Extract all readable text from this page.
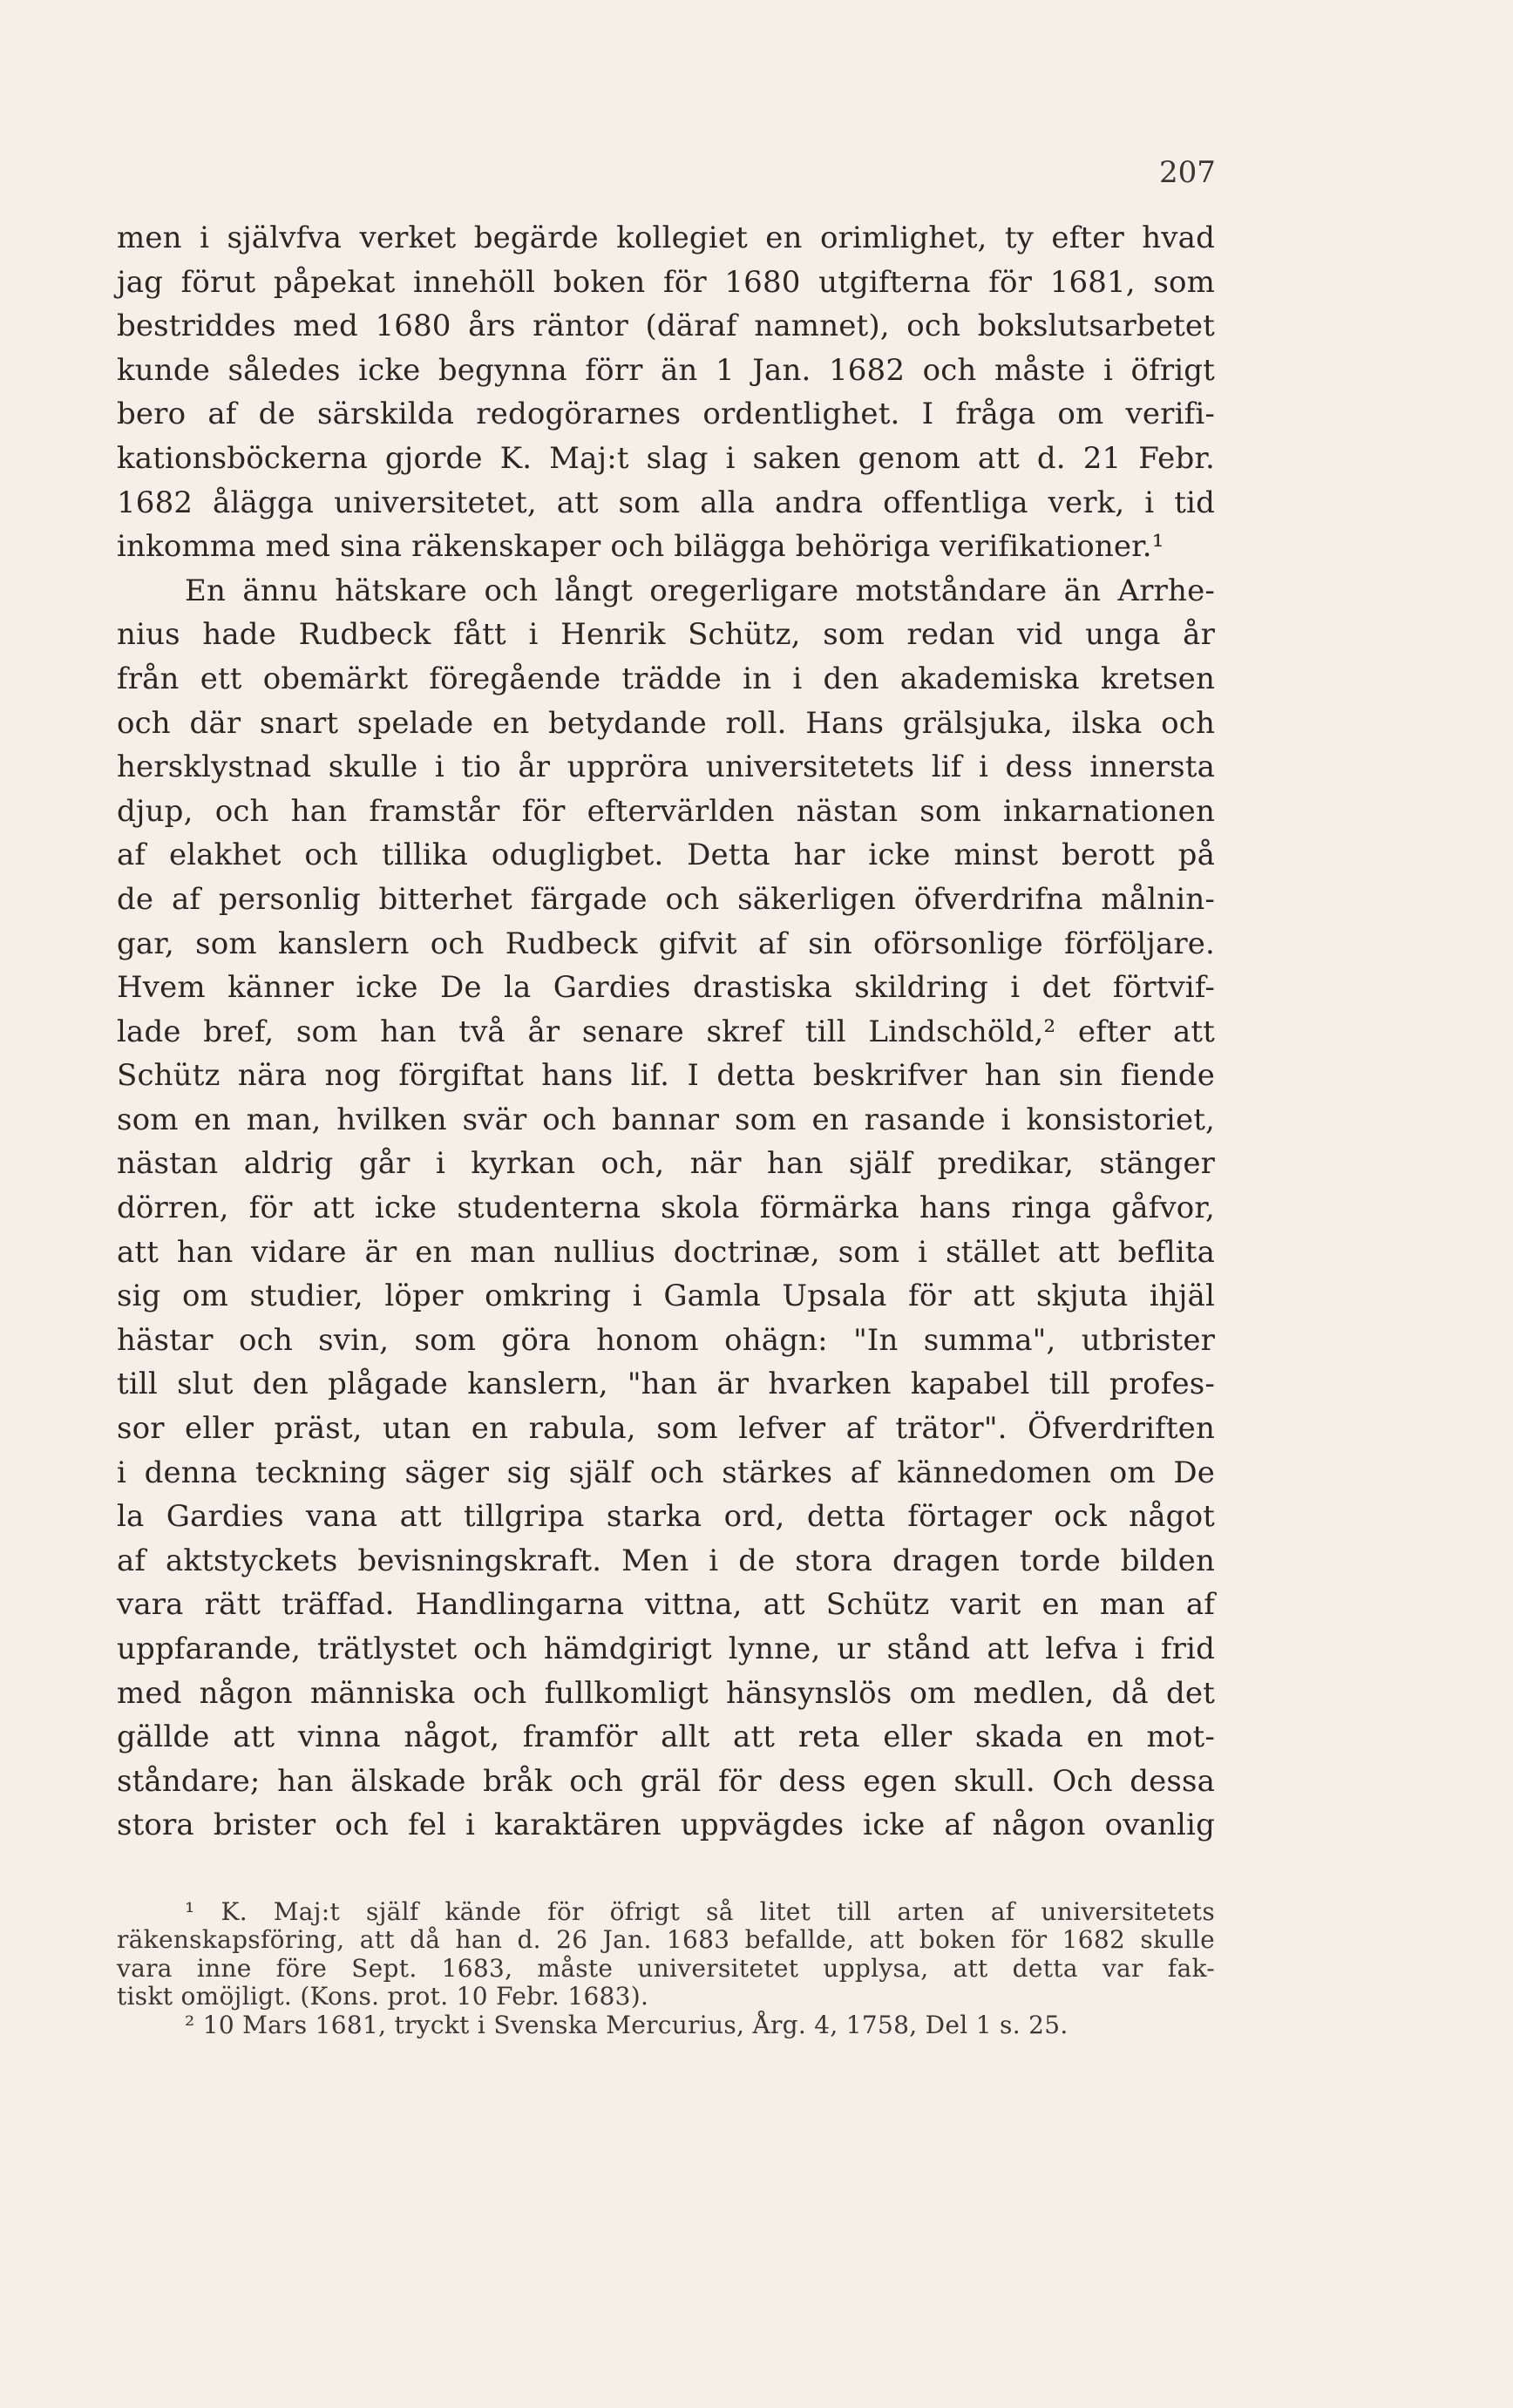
207
men i självfva verket begärde kollegiet en orimlighet, ty efter hvad
jag förut påpekat innehöll boken för 1680 utgifterna för 1681, som
bestriddes med 1680 års räntor (däraf namnet), och bokslutsarbetet
kunde således icke begynna förr än 1 Jan. 1682 och måste i öfrigt
bero af de särskilda redogörarnes ordentlighet. I fråga om verifi-
kationsböckerna gjorde K. Maj:t slag i saken genom att d. 21 Febr.
1682 ålägga universitetet, att som alla andra offentliga verk, i tid
inkomma med sina räkenskaper och bilägga behöriga verifikationer.¹
En ännu hätskare och långt oregerligare motståndare än Arrhe-
nius hade Rudbeck fått i Henrik Schütz, som redan vid unga år
från ett obemärkt föregående trädde in i den akademiska kretsen
och där snart spelade en betydande roll. Hans grälsjuka, ilska och
hersklystnad skulle i tio år uppröra universitetets lif i dess innersta
djup, och han framstår för eftervärlden nästan som inkarnationen
af elakhet och tillika odugligbet. Detta har icke minst berott på
de af personlig bitterhet färgade och säkerligen öfverdrifna målnin-
gar, som kanslern och Rudbeck gifvit af sin oförsonlige förföljare.
Hvem känner icke De la Gardies drastiska skildring i det förtvif-
lade bref, som han två år senare skref till Lindschöld,² efter att
Schütz nära nog förgiftat hans lif. I detta beskrifver han sin fiende
som en man, hvilken svär och bannar som en rasande i konsistoriet,
nästan aldrig går i kyrkan och, när han själf predikar, stänger
dörren, för att icke studenterna skola förmärka hans ringa gåfvor,
att han vidare är en man nullius doctrinæ, som i stället att beflita
sig om studier, löper omkring i Gamla Upsala för att skjuta ihjäl
hästar och svin, som göra honom ohägn: "In summa", utbrister
till slut den plågade kanslern, "han är hvarken kapabel till profes-
sor eller präst, utan en rabula, som lefver af trätor". Öfverdriften
i denna teckning säger sig själf och stärkes af kännedomen om De
la Gardies vana att tillgripa starka ord, detta förtager ock något
af aktstyckets bevisningskraft. Men i de stora dragen torde bilden
vara rätt träffad. Handlingarna vittna, att Schütz varit en man af
uppfarande, trätlystet och hämdgirigt lynne, ur stånd att lefva i frid
med någon människa och fullkomligt hänsynslös om medlen, då det
gällde att vinna något, framför allt att reta eller skada en mot-
ståndare; han älskade bråk och gräl för dess egen skull. Och dessa
stora brister och fel i karaktären uppvägdes icke af någon ovanlig
¹ K. Maj:t själf kände för öfrigt så litet till arten af universitetets
räkenskapsföring, att då han d. 26 Jan. 1683 befallde, att boken för 1682 skulle
vara inne före Sept. 1683, måste universitetet upplysa, att detta var fak-
tiskt omöjligt. (Kons. prot. 10 Febr. 1683).
² 10 Mars 1681, tryckt i Svenska Mercurius, Årg. 4, 1758, Del 1 s. 25.
